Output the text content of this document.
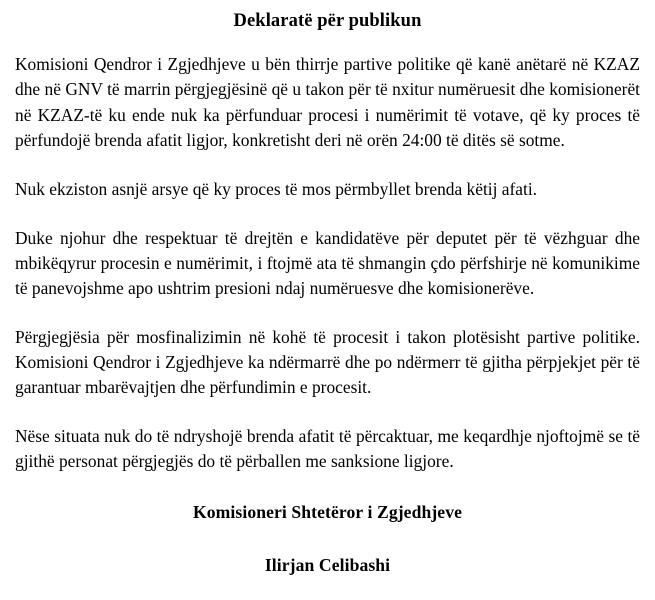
Deklaratë për publikun

Komisioni Qendror i Zgjedhjeve u bën thirrje partive politike që kanë anëtarë në KZAZ dhe në GNV të marrin përgjegjësinë që u takon për të nxitur numëruesit dhe komisionerët në KZAZ-të ku ende nuk ka përfunduar procesi i numërimit të votave, që ky proces të përfundojë brenda afatit ligjor, konkretisht deri në orën 24:00 të ditës së sotme.

Nuk ekziston asnjë arsye që ky proces të mos përmbyllet brenda këtij afati.

Duke njohur dhe respektuar të drejtën e kandidatëve për deputet për të vëzhguar dhe mbikëqyrur procesin e numërimit, i ftojmë ata të shmangin çdo përfshirje në komunikime të panevojshme apo ushtrim presioni ndaj numëruesve dhe komisionerëve.

Përgjegjësia për mosfinalizimin në kohë të procesit i takon plotësisht partive politike. Komisioni Qendror i Zgjedhjeve ka ndërmarrë dhe po ndërmerr të gjitha përpjekjet për të garantuar mbarëvajtjen dhe përfundimin e procesit.

Nëse situata nuk do të ndryshojë brenda afatit të përcaktuar, me keqardhje njoftojmë se të gjithë personat përgjegjës do të përballen me sanksione ligjore.

Komisioneri Shtetëror i Zgjedhjeve

Ilirjan Celibashi
